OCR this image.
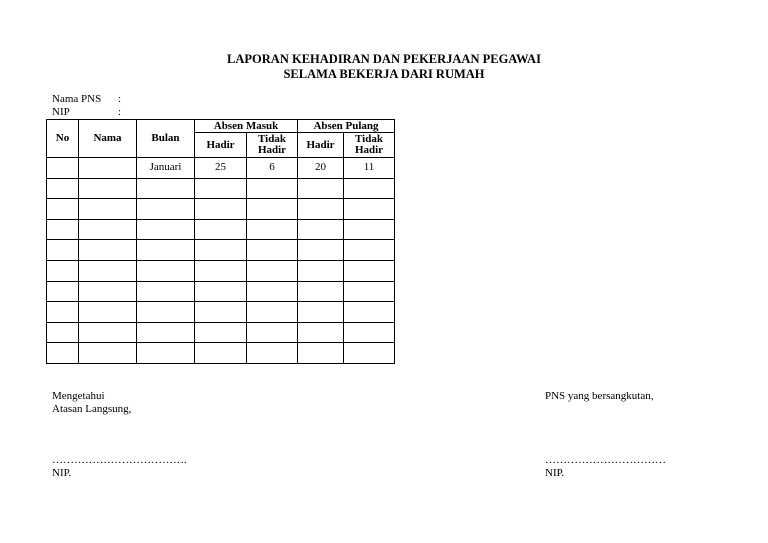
LAPORAN KEHADIRAN DAN PEKERJAAN PEGAWAI
SELAMA BEKERJA DARI RUMAH
Nama PNS	:
NIP	:
No	Nama	Bulan	Absen Masuk		Absen Pulang	
			Hadir	Tidak Hadir	Hadir	Tidak Hadir
		Januari	25	6	20	11

Mengetahui
Atasan Langsung,
PNS yang bersangkutan,
……………………………….
NIP.
……………………………
NIP.
